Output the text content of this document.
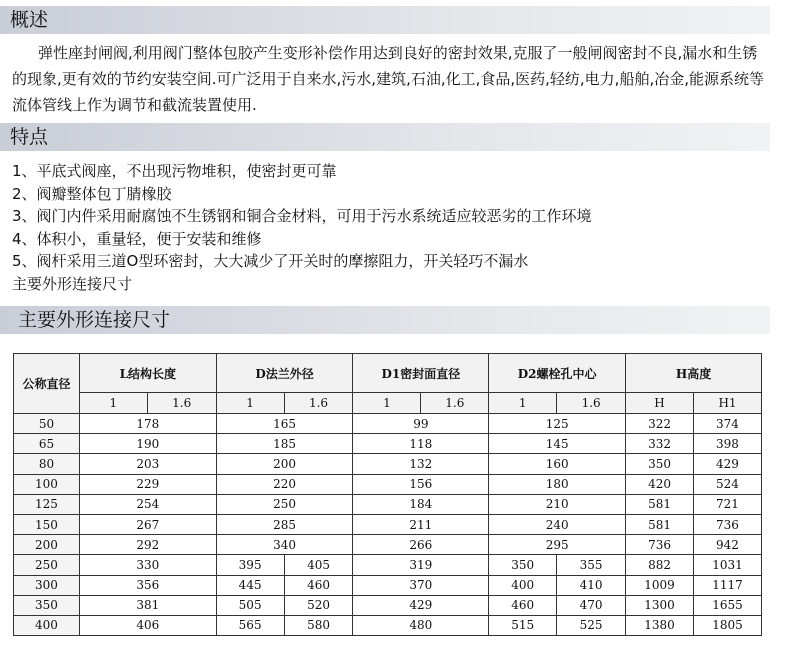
概述
弹性座封闸阀,利用阀门整体包胶产生变形补偿作用达到良好的密封效果,克服了一般闸阀密封不良,漏水和生锈的现象,更有效的节约安装空间.可广泛用于自来水,污水,建筑,石油,化工,食品,医药,轻纺,电力,船舶,冶金,能源系统等流体管线上作为调节和截流装置使用.
特点
1、平底式阀座，不出现污物堆积，使密封更可靠
2、阀瓣整体包丁腈橡胶
3、阀门内件采用耐腐蚀不生锈钢和铜合金材料，可用于污水系统适应较恶劣的工作环境
4、体积小，重量轻，便于安装和维修
5、阀杆采用三道O型环密封，大大减少了开关时的摩擦阻力，开关轻巧不漏水
主要外形连接尺寸
主要外形连接尺寸
公称直径	L结构长度		D法兰外径		D1密封面直径		D2螺栓孔中心		H高度	
	1	1.6	1	1.6	1	1.6	1	1.6	H	H1
50	178		165		99		125		322	374
65	190		185		118		145		332	398
80	203		200		132		160		350	429
100	229		220		156		180		420	524
125	254		250		184		210		581	721
150	267		285		211		240		581	736
200	292		340		266		295		736	942
250	330		395	405	319		350	355	882	1031
300	356		445	460	370		400	410	1009	1117
350	381		505	520	429		460	470	1300	1655
400	406		565	580	480		515	525	1380	1805
